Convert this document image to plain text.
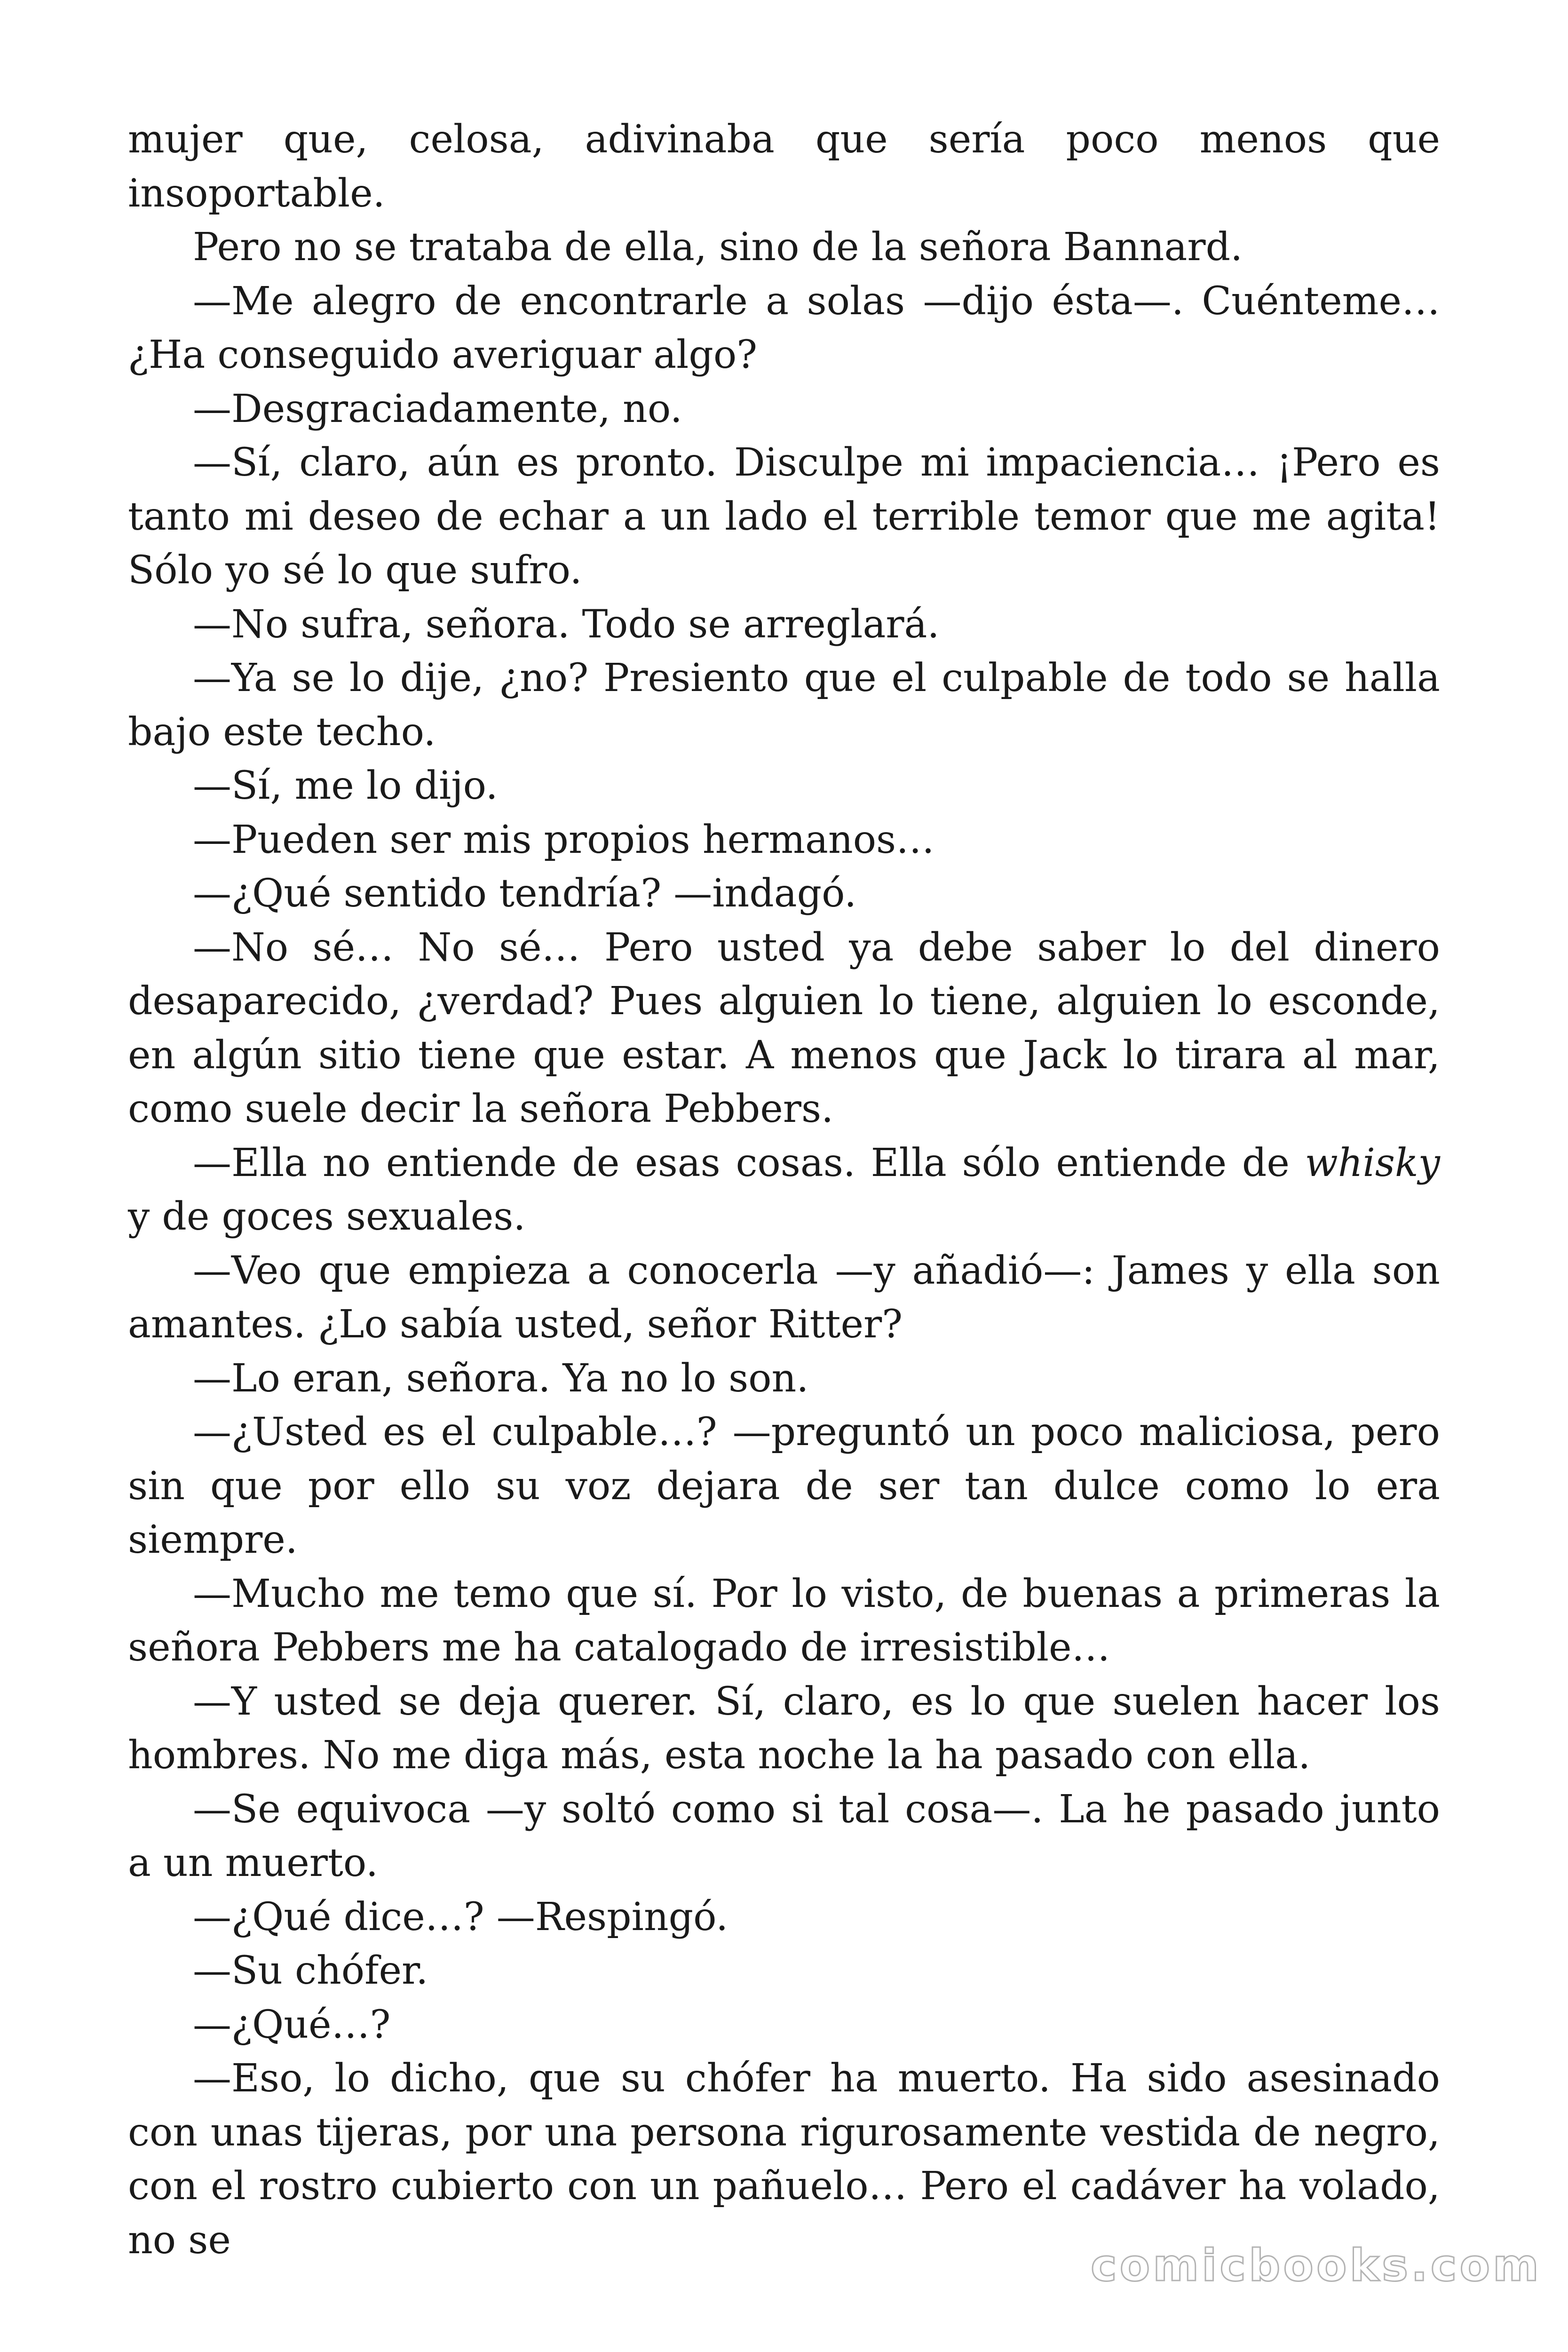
mujer que, celosa, adivinaba que sería poco menos que insoportable.

Pero no se trataba de ella, sino de la señora Bannard.

—Me alegro de encontrarle a solas —dijo ésta—. Cuénteme… ¿Ha conseguido averiguar algo?

—Desgraciadamente, no.

—Sí, claro, aún es pronto. Disculpe mi impaciencia… ¡Pero es tanto mi deseo de echar a un lado el terrible temor que me agita! Sólo yo sé lo que sufro.

—No sufra, señora. Todo se arreglará.

—Ya se lo dije, ¿no? Presiento que el culpable de todo se halla bajo este techo.

—Sí, me lo dijo.

—Pueden ser mis propios hermanos…

—¿Qué sentido tendría? —indagó.

—No sé… No sé… Pero usted ya debe saber lo del dinero desaparecido, ¿verdad? Pues alguien lo tiene, alguien lo esconde, en algún sitio tiene que estar. A menos que Jack lo tirara al mar, como suele decir la señora Pebbers.

—Ella no entiende de esas cosas. Ella sólo entiende de whisky y de goces sexuales.

—Veo que empieza a conocerla —y añadió—: James y ella son amantes. ¿Lo sabía usted, señor Ritter?

—Lo eran, señora. Ya no lo son.

—¿Usted es el culpable…? —preguntó un poco maliciosa, pero sin que por ello su voz dejara de ser tan dulce como lo era siempre.

—Mucho me temo que sí. Por lo visto, de buenas a primeras la señora Pebbers me ha catalogado de irresistible…

—Y usted se deja querer. Sí, claro, es lo que suelen hacer los hombres. No me diga más, esta noche la ha pasado con ella.

—Se equivoca —y soltó como si tal cosa—. La he pasado junto a un muerto.

—¿Qué dice…? —Respingó.

—Su chófer.

—¿Qué…?

—Eso, lo dicho, que su chófer ha muerto. Ha sido asesinado con unas tijeras, por una persona rigurosamente vestida de negro, con el rostro cubierto con un pañuelo… Pero el cadáver ha volado, no se	comicbooks.com
